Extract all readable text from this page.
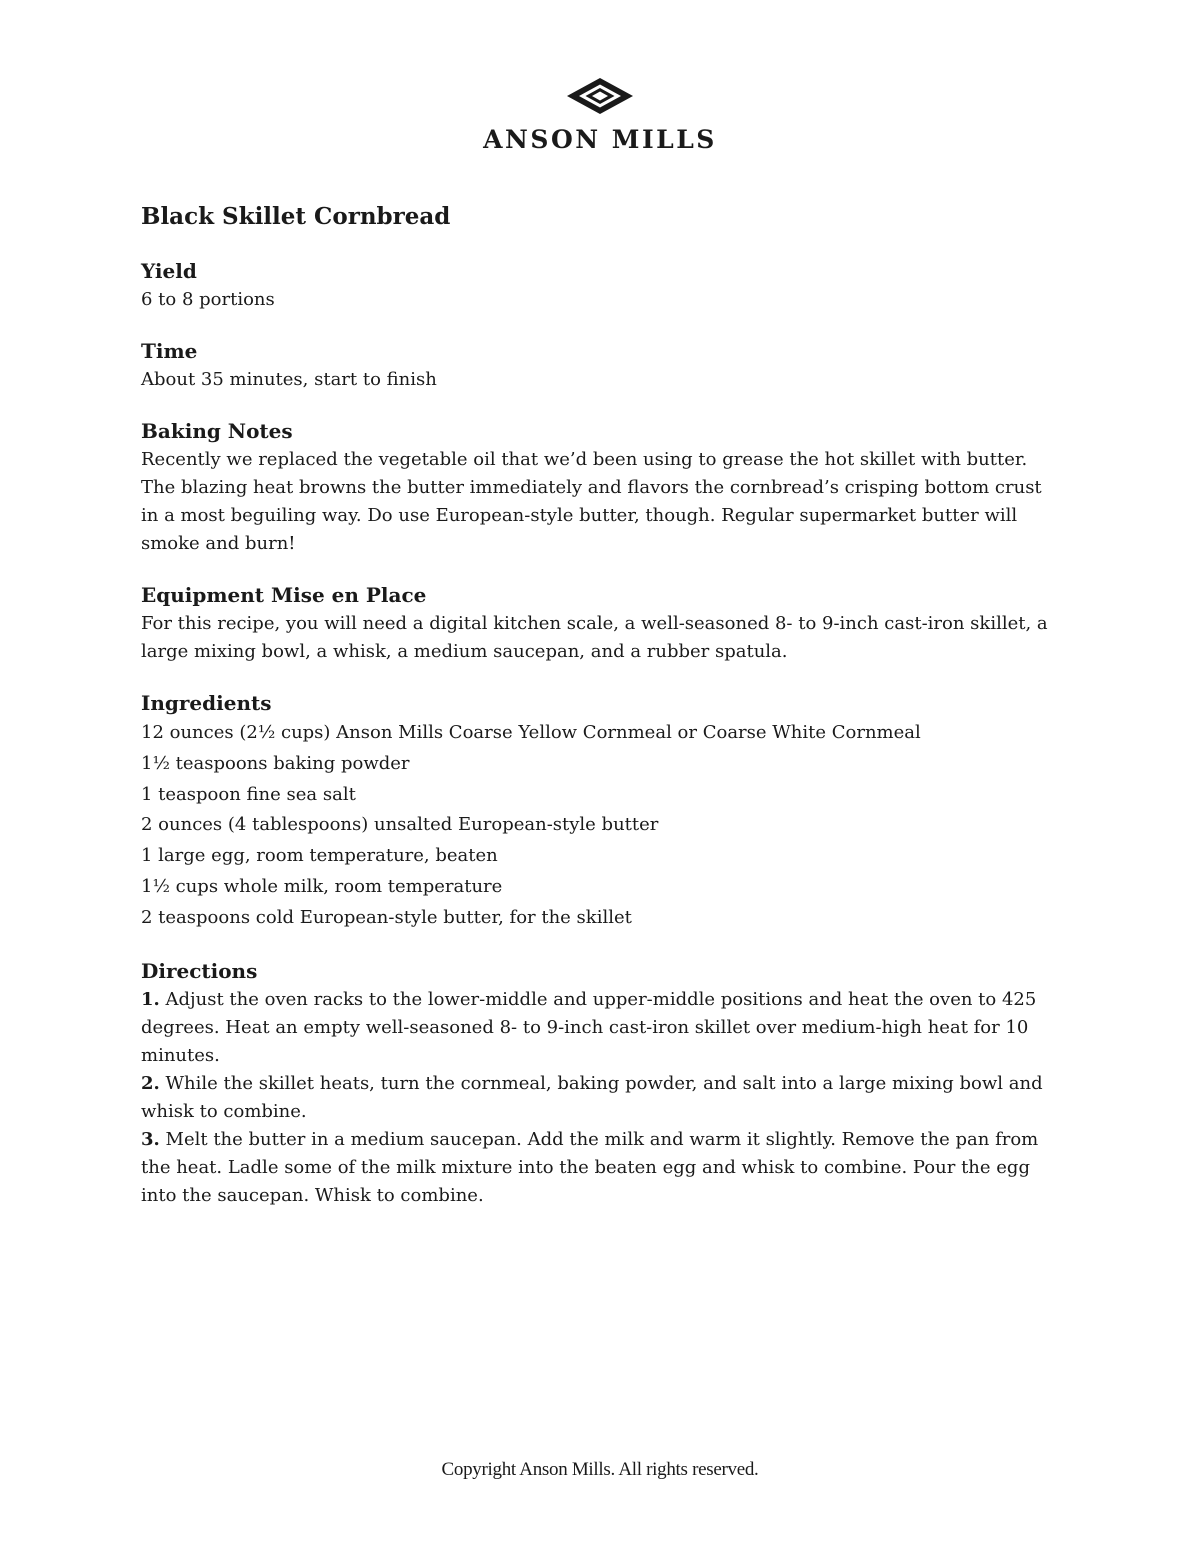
ANSON MILLS
Black Skillet Cornbread
Yield

6 to 8 portions

Time

About 35 minutes, start to finish

Baking Notes

Recently we replaced the vegetable oil that we’d been using to grease the hot skillet with butter. The blazing heat browns the butter immediately and flavors the cornbread’s crisping bottom crust in a most beguiling way. Do use European-style butter, though. Regular supermarket butter will smoke and burn!

Equipment Mise en Place

For this recipe, you will need a digital kitchen scale, a well-seasoned 8- to 9-inch cast-iron skillet, a large mixing bowl, a whisk, a medium saucepan, and a rubber spatula.

Ingredients
12 ounces (2½ cups) Anson Mills Coarse Yellow Cornmeal or Coarse White Cornmeal
1½ teaspoons baking powder
1 teaspoon fine sea salt
2 ounces (4 tablespoons) unsalted European-style butter
1 large egg, room temperature, beaten
1½ cups whole milk, room temperature
2 teaspoons cold European-style butter, for the skillet
Directions

1. Adjust the oven racks to the lower-middle and upper-middle positions and heat the oven to 425 degrees. Heat an empty well-seasoned 8- to 9-inch cast-iron skillet over medium-high heat for 10 minutes.

2. While the skillet heats, turn the cornmeal, baking powder, and salt into a large mixing bowl and whisk to combine.

3. Melt the butter in a medium saucepan. Add the milk and warm it slightly. Remove the pan from the heat. Ladle some of the milk mixture into the beaten egg and whisk to combine. Pour the egg into the saucepan. Whisk to combine.

Copyright Anson Mills. All rights reserved.
